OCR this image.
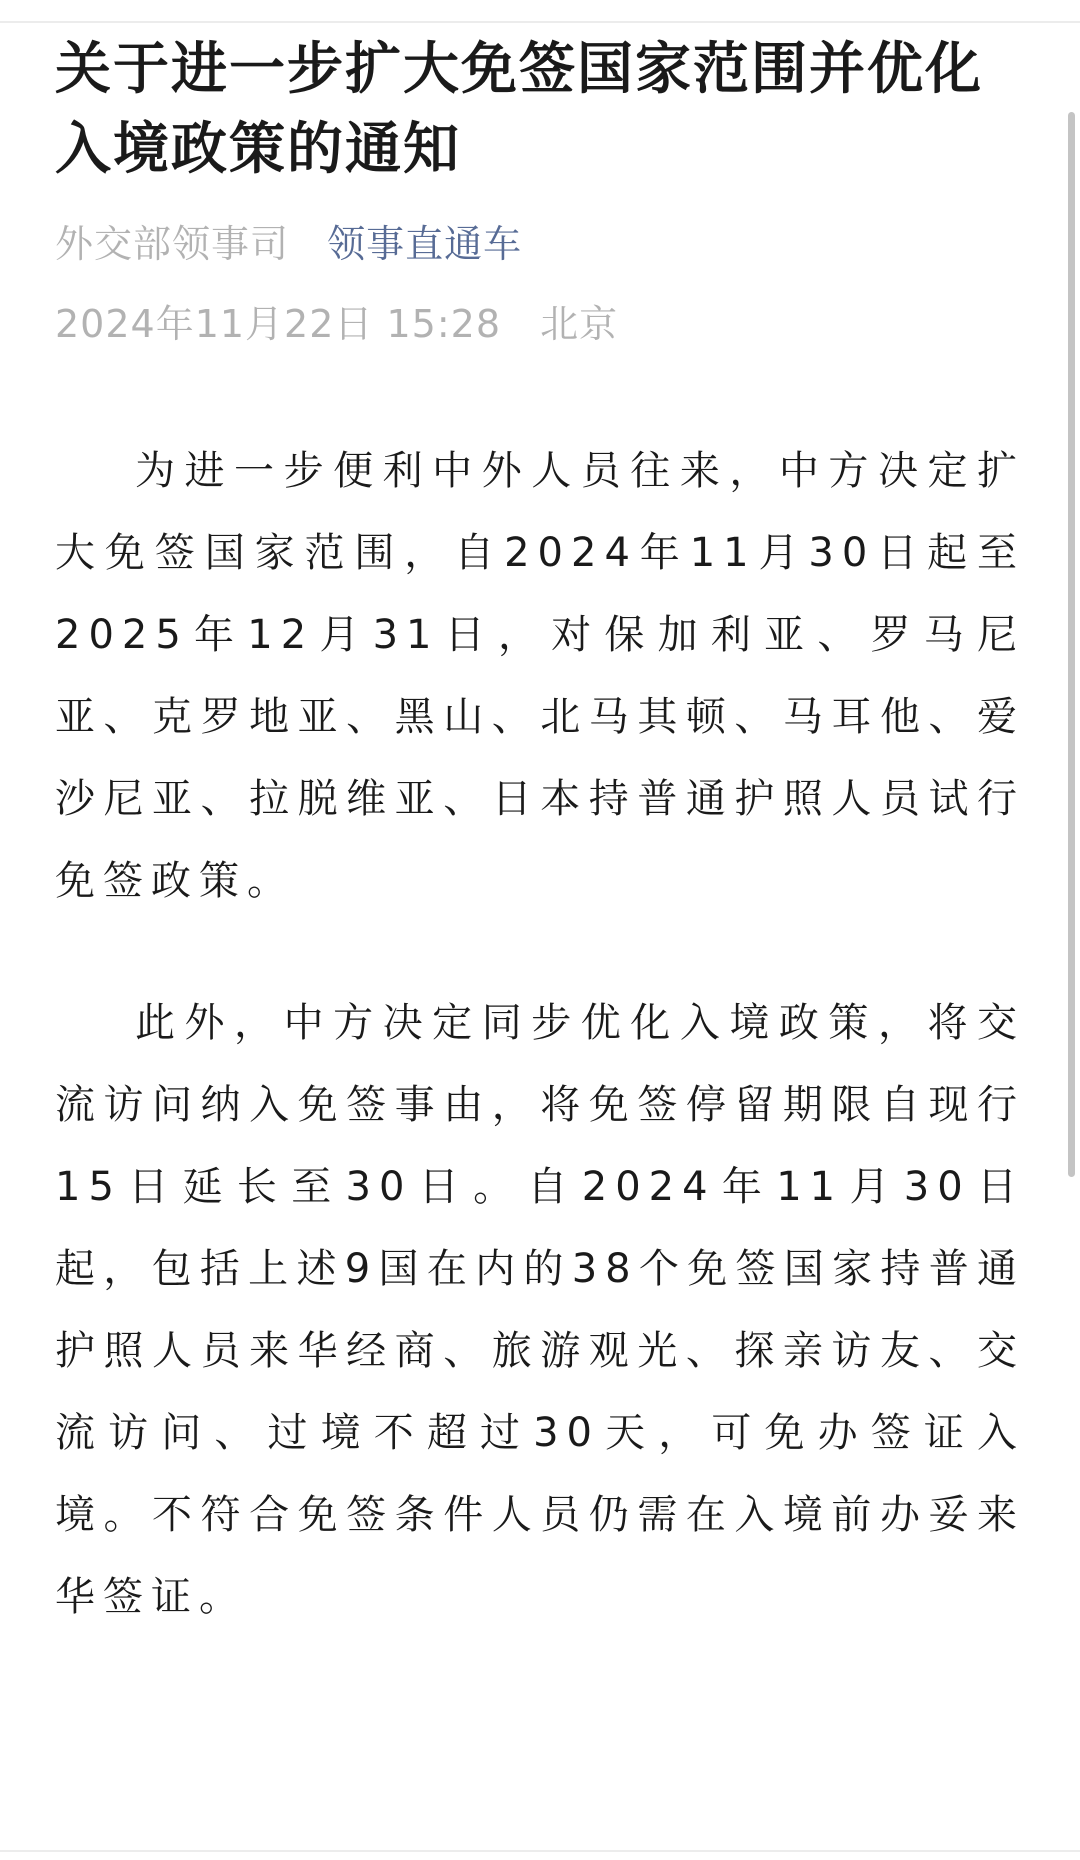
关于进一步扩大免签国家范围并优化入境政策的通知
外交部领事司 领事直通车
2024年11月22日 15:28 北京

为进一步便利中外人员往来，中方决定扩大免签国家范围，自2024年11月30日起至2025年12月31日，对保加利亚、罗马尼亚、克罗地亚、黑山、北马其顿、马耳他、爱沙尼亚、拉脱维亚、日本持普通护照人员试行免签政策。

此外，中方决定同步优化入境政策，将交流访问纳入免签事由，将免签停留期限自现行15日延长至30日。自2024年11月30日起，包括上述9国在内的38个免签国家持普通护照人员来华经商、旅游观光、探亲访友、交流访问、过境不超过30天，可免办签证入境。不符合免签条件人员仍需在入境前办妥来华签证。
